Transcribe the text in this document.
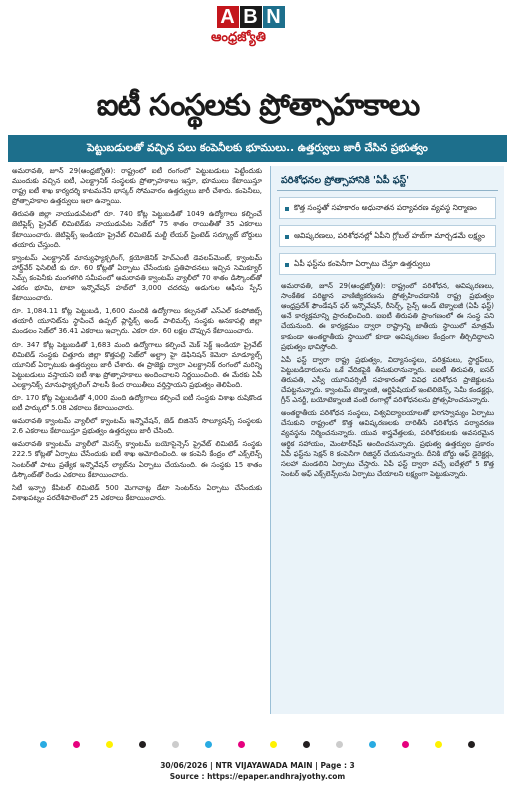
A B N
ఆంధ్రజ్యోతి
ఐటీ సంస్థలకు ప్రోత్సాహకాలు
పెట్టుబడులతో వచ్చిన పలు కంపెనీలకు భూములు.. ఉత్తర్వులు జారీ చేసిన ప్రభుత్వం

అమరావతి, జూన్ 29(ఆంధ్రజ్యోతి): రాష్ట్రంలో ఐటీ రంగంలో పెట్టుబడులు పెట్టేందుకు ముందుకు వచ్చిన ఐటీ, ఎలక్ట్రానిక్ సంస్థలకు ప్రోత్సాహకాలు ఇస్తూ, భూములు కేటాయిస్తూ రాష్ట్ర ఐటీ శాఖ కార్యదర్శి కాటమనేని భాస్కర్ సోమవారం ఉత్తర్వులు జారీ చేశారు. కంపెనీలు, ప్రోత్సాహకాల ఉత్తర్వులు ఇలా ఉన్నాయి.

తిరుపతి జిల్లా నాయుడుపేటలో రూ. 740 కోట్ల పెట్టుబడితో 1049 ఉద్యోగాలు కల్పించే జెటిఫ్లెక్స్ ప్రైవేట్ లిమిటెడ్‌కు నాయుడుపేట సెజ్‌లో 75 శాతం రాయితీతో 35 ఎకరాలు కేటాయించారు. జెటిఫ్లెక్స్ ఇండియా ప్రైవేట్ లిమిటెడ్ మల్టీ లేయర్ ప్రింటెడ్ సర్క్యూట్ బోర్డులు తయారు చేస్తుంది.

క్వాంటమ్ ఎలక్ట్రానిక్ మాన్యుఫ్యాక్చరింగ్, క్రయోజెనిక్ హెచ్ఎంటీ డెవలప్‌మెంట్, క్వాంటమ్ హార్డ్‌వేర్ ఫెసిలిటీ కు రూ. 60 కోట్లతో ఏర్పాటు చేసేందుకు ప్రతిపాదనలు ఇచ్చిన సెమిక్యూర్ సెమ్స్ కంపెనీకు మంగళగిరి సమీపంలో అమరావతి క్వాంటమ్ వ్యాలీలో 70 శాతం డిస్కౌంట్‌తో ఎకరం భూమి, టాటా ఇన్నొవేషన్ హబ్‌లో 3,000 చదరపు అడుగుల ఆఫీసు స్పేస్ కేటాయించారు.

రూ. 1,084.11 కోట్ల పెట్టుబడి, 1,600 మందికి ఉద్యోగాలు కల్పనతో ఎస్ఎల్ కంపోజిట్స్ తయారీ యూనిట్‌ను స్థాపించే ఉప్పల్ ప్లాస్టిక్స్ అండ్ పాలిమర్స్ సంస్థకు అనకాపల్లి జిల్లా మండలం సెజ్‌లో 36.41 ఎకరాలు ఇచ్చారు. ఎకరా రూ. 60 లక్షల చొప్పున కేటాయించారు.

రూ. 347 కోట్ల పెట్టుబడితో 1,683 మంది ఉద్యోగాలు కల్పించే మెక్ సెక్ట్ ఇండియా ప్రైవేట్ లిమిటెడ్ సంస్థకు చిత్తూరు జిల్లా కొత్తపల్లి సెజ్‌లో అల్ట్రా హై డెఫినిషన్ కెమెరా మాడ్యూల్స్ యూనిట్ ఏర్పాటుకు ఉత్తర్వులు జారీ చేశారు. ఈ ప్రాజెక్టు ద్వారా ఎలక్ట్రానిక్ రంగంలో మరిన్ని పెట్టుబడులు వస్తాయని ఐటీ శాఖ ప్రోత్సాహకాలు అందించాలని నిర్ణయించింది. ఈ మేరకు ఏపీ ఎలక్ట్రానిక్స్ మానుఫ్యాక్చరింగ్ పాలసీ కింద రాయితీలు వర్తిస్తాయని ప్రభుత్వం తెలిపింది.

రూ. 170 కోట్ల పెట్టుబడితో 4,000 మంది ఉద్యోగాలు కల్పించే ఐటీ సంస్థకు విశాఖ రుషికొండ ఐటీ పార్కులో 5.08 ఎకరాలు కేటాయించారు.

అమరావతి క్వాంటమ్ వ్యాలీలో క్వాంటమ్ ఇన్నొవేషన్, జెడ్ బిజినెస్ సొల్యూషన్స్ సంస్థలకు 2.6 ఎకరాలు కేటాయిస్తూ ప్రభుత్వం ఉత్తర్వులు జారీ చేసింది.

అమరావతి క్వాంటమ్ వ్యాలీలో మెసర్స్ క్వాంటమ్ బయోసైన్సెస్ ప్రైవేట్ లిమిటెడ్ సంస్థకు 222.5 కోట్లతో ఏర్పాటు చేసేందుకు ఐటీ శాఖ ఆమోదించింది. ఆ కంపెనీ కేంద్రం లో ఎక్స్‌లెన్స్ సెంటర్‌తో పాటు ప్రత్యేక ఇన్నొవేషన్ ల్యాబ్‌ను ఏర్పాటు చేయనుంది. ఈ సంస్థకు 15 శాతం డిస్కౌంట్‌తో రెండు ఎకరాలు కేటాయించారు.

సిటీ ఇన్ఫ్రా కేపిటల్ లిమిటెడ్ 500 మెగావాట్ల డేటా సెంటర్‌ను ఏర్పాటు చేసేందుకు విశాఖపట్నం పరదేశిపాలెంలో 25 ఎకరాలు కేటాయించారు.

పరిశోధనల ప్రోత్సాహానికి 'ఏపీ ఫస్ట్'
కొత్త సంస్థతో సహకారం అధునాతన పర్యావరణ వ్యవస్థ నిర్మాణం
ఆవిష్కరణలు, పరిశోధనల్లో ఏపీని గ్లోబల్ హబ్‌గా మార్చడమే లక్ష్యం
ఏపీ ఫస్ట్‌ను కంపెనీగా ఏర్పాటు చేస్తూ ఉత్తర్వులు

అమరావతి, జూన్ 29(ఆంధ్రజ్యోతి): రాష్ట్రంలో పరిశోధన, ఆవిష్కరణలు, సాంకేతిక పరిజ్ఞాన వాణిజ్యీకరణను ప్రోత్సహించడానికి రాష్ట్ర ప్రభుత్వం ఆంధ్రప్రదేశ్ ఫౌండేషన్ ఫర్ ఇన్నొవేషన్, రీసెర్చ్, సైన్స్ అండ్ టెక్నాలజీ (ఏపీ ఫస్ట్) అనే కార్యక్రమాన్ని ప్రారంభించింది. ఐఐటీ తిరుపతి ప్రాంగణంలో ఈ సంస్థ పని చేయనుంది. ఈ కార్యక్రమం ద్వారా రాష్ట్రాన్ని జాతీయ స్థాయిలో మాత్రమే కాకుండా అంతర్జాతీయ స్థాయిలో కూడా ఆవిష్కరణల కేంద్రంగా తీర్చిదిద్దాలని ప్రభుత్వం భావిస్తోంది.

ఏపీ ఫస్ట్ ద్వారా రాష్ట్ర ప్రభుత్వం, విద్యాసంస్థలు, పరిశ్రమలు, స్టార్టప్‌లు, పెట్టుబడిదారులను ఒకే వేదికపైకి తీసుకురానున్నారు. ఐఐటీ తిరుపతి, ఐసర్ తిరుపతి, ఎస్వీ యూనివర్సిటీ సహకారంతో వివిధ పరిశోధన ప్రాజెక్టులను చేపట్టనున్నారు. క్వాంటమ్ టెక్నాలజీ, ఆర్టిఫిషియల్ ఇంటెలిజెన్స్, సెమీ కండక్టర్లు, గ్రీన్ ఎనర్జీ, బయోటెక్నాలజీ వంటి రంగాల్లో పరిశోధనలను ప్రోత్సహించనున్నారు.

అంతర్జాతీయ పరిశోధన సంస్థలు, విశ్వవిద్యాలయాలతో భాగస్వామ్యం ఏర్పాటు చేసుకుని రాష్ట్రంలో కొత్త ఆవిష్కరణలకు దారితీసే పరిశోధన పర్యావరణ వ్యవస్థను నిర్మించనున్నారు. యువ శాస్త్రవేత్తలకు, పరిశోధకులకు అవసరమైన ఆర్థిక సహాయం, మెంటార్‌షిప్ అందించనున్నారు. ప్రభుత్వ ఉత్తర్వుల ప్రకారం ఏపీ ఫస్ట్‌ను సెక్షన్ 8 కంపెనీగా రిజిస్టర్ చేయనున్నారు. దీనికి బోర్డు ఆఫ్ డైరెక్టర్లు, సలహా మండలిని ఏర్పాటు చేస్తారు. ఏపీ ఫస్ట్ ద్వారా వచ్చే ఐదేళ్లలో 5 కొత్త సెంటర్ ఆఫ్ ఎక్స్‌లెన్స్‌లను ఏర్పాటు చేయాలని లక్ష్యంగా పెట్టుకున్నారు.

30/06/2026 | NTR VIJAYAWADA MAIN | Page : 3
Source : https://epaper.andhrajyothy.com
